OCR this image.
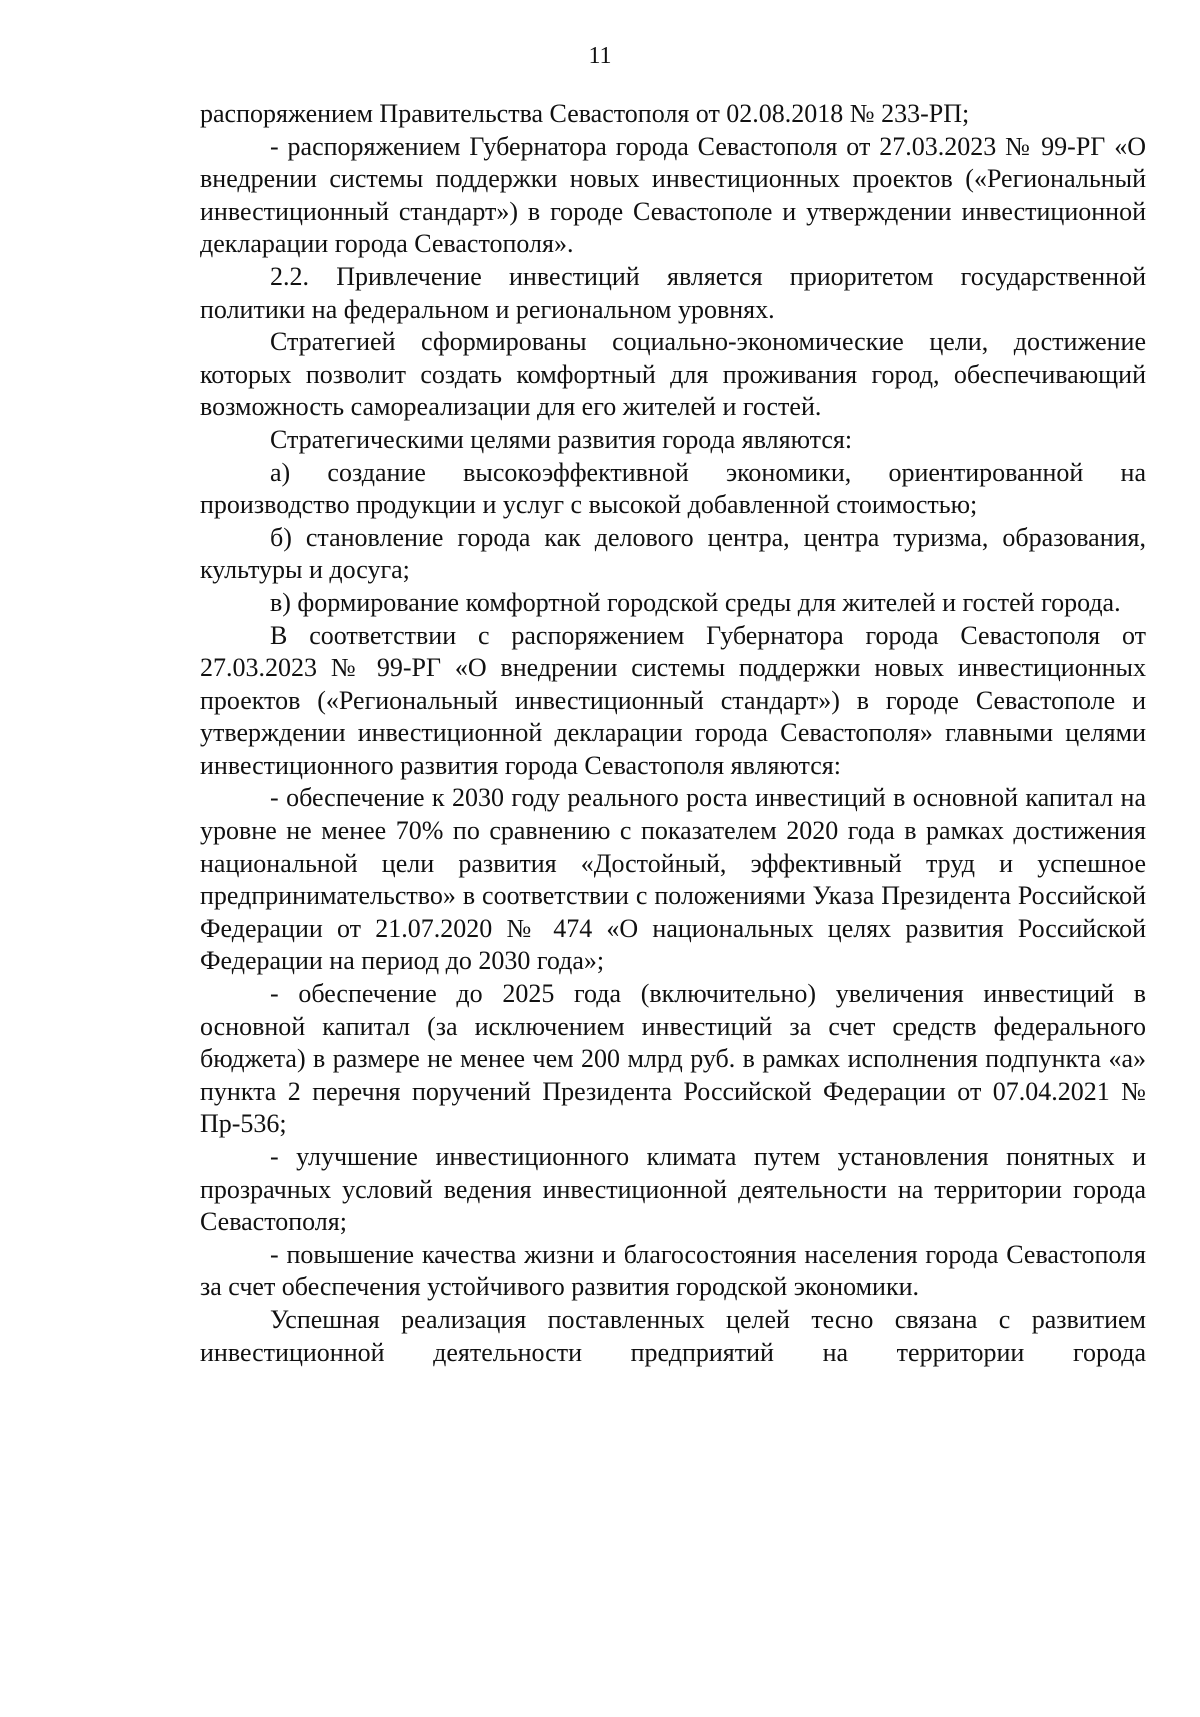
11

распоряжением Правительства Севастополя от 02.08.2018 № 233-РП;

- распоряжением Губернатора города Севастополя от 27.03.2023 № 99-РГ «О внедрении системы поддержки новых инвестиционных проектов («Региональный инвестиционный стандарт») в городе Севастополе и утверждении инвестиционной декларации города Севастополя».

2.2. Привлечение инвестиций является приоритетом государственной политики на федеральном и региональном уровнях.

Стратегией сформированы социально-экономические цели, достижение которых позволит создать комфортный для проживания город, обеспечивающий возможность самореализации для его жителей и гостей.

Стратегическими целями развития города являются:

а) создание высокоэффективной экономики, ориентированной на производство продукции и услуг с высокой добавленной стоимостью;

б) становление города как делового центра, центра туризма, образования, культуры и досуга;

в) формирование комфортной городской среды для жителей и гостей города.

В соответствии с распоряжением Губернатора города Севастополя от 27.03.2023 № 99-РГ «О внедрении системы поддержки новых инвестиционных проектов («Региональный инвестиционный стандарт») в городе Севастополе и утверждении инвестиционной декларации города Севастополя» главными целями инвестиционного развития города Севастополя являются:

- обеспечение к 2030 году реального роста инвестиций в основной капитал на уровне не менее 70% по сравнению с показателем 2020 года в рамках достижения национальной цели развития «Достойный, эффективный труд и успешное предпринимательство» в соответствии с положениями Указа Президента Российской Федерации от 21.07.2020 № 474 «О национальных целях развития Российской Федерации на период до 2030 года»;

- обеспечение до 2025 года (включительно) увеличения инвестиций в основной капитал (за исключением инвестиций за счет средств федерального бюджета) в размере не менее чем 200 млрд руб. в рамках исполнения подпункта «а» пункта 2 перечня поручений Президента Российской Федерации от 07.04.2021 № Пр-536;

- улучшение инвестиционного климата путем установления понятных и прозрачных условий ведения инвестиционной деятельности на территории города Севастополя;

- повышение качества жизни и благосостояния населения города Севастополя за счет обеспечения устойчивого развития городской экономики.

Успешная реализация поставленных целей тесно связана с развитием инвестиционной деятельности предприятий на территории города
